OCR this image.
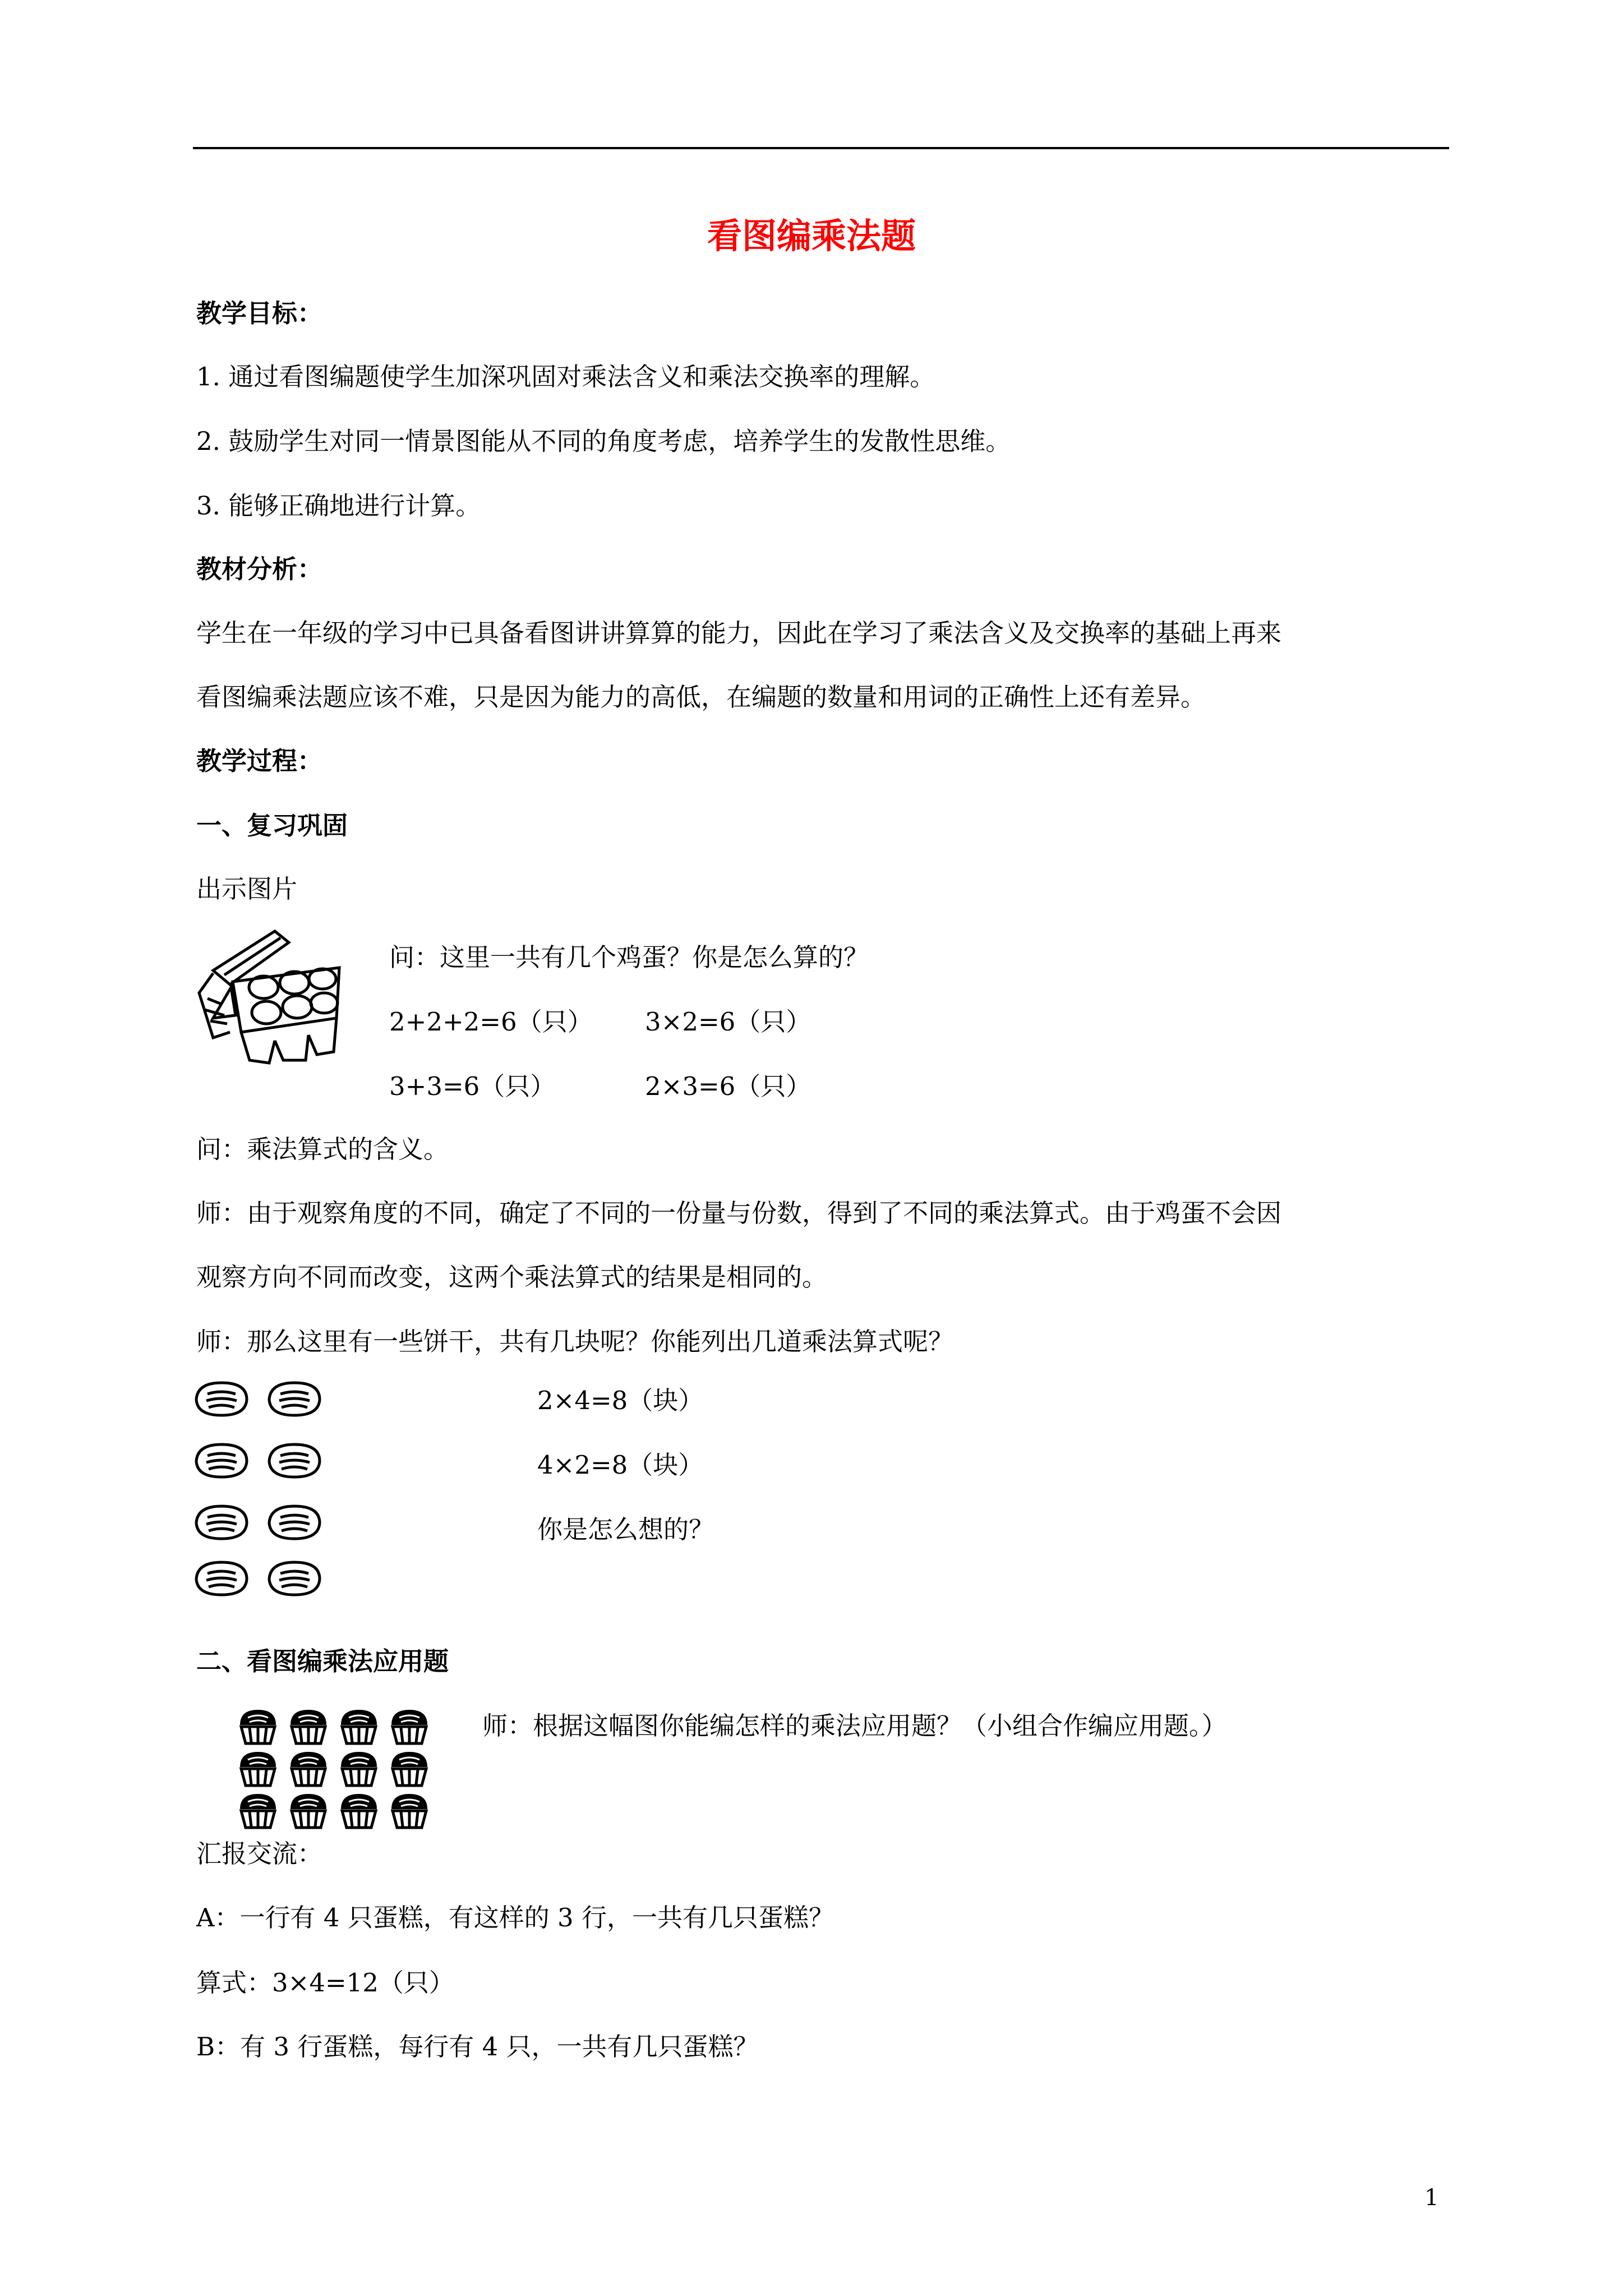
看图编乘法题
教学目标：
1. 通过看图编题使学生加深巩固对乘法含义和乘法交换率的理解。
2. 鼓励学生对同一情景图能从不同的角度考虑，培养学生的发散性思维。
3. 能够正确地进行计算。
教材分析：
学生在一年级的学习中已具备看图讲讲算算的能力，因此在学习了乘法含义及交换率的基础上再来
看图编乘法题应该不难，只是因为能力的高低，在编题的数量和用词的正确性上还有差异。
教学过程：
一、复习巩固
出示图片
问：这里一共有几个鸡蛋？你是怎么算的？
2+2+2=6（只） 3×2=6（只）
3+3=6（只）	2×3=6（只）
问：乘法算式的含义。
师：由于观察角度的不同，确定了不同的一份量与份数，得到了不同的乘法算式。由于鸡蛋不会因
观察方向不同而改变，这两个乘法算式的结果是相同的。
师：那么这里有一些饼干，共有几块呢？你能列出几道乘法算式呢？
2×4=8（块）
4×2=8（块）
你是怎么想的？
二、看图编乘法应用题
师：根据这幅图你能编怎样的乘法应用题？（小组合作编应用题。）
汇报交流：
A：一行有 4 只蛋糕，有这样的 3 行，一共有几只蛋糕？
算式：3×4=12（只）
B：有 3 行蛋糕，每行有 4 只，一共有几只蛋糕？
1
